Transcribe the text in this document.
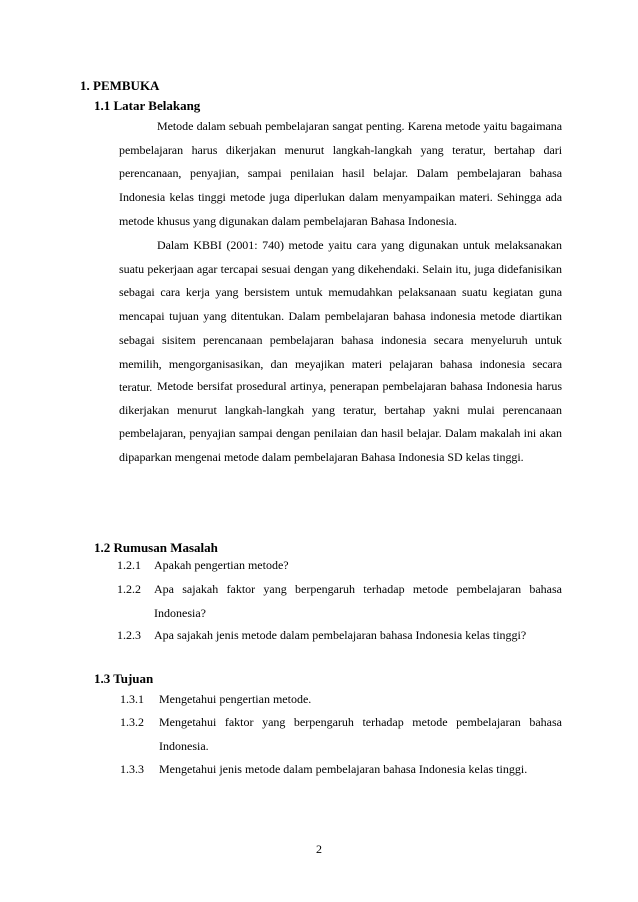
1. PEMBUKA
1.1 Latar Belakang

Metode dalam sebuah pembelajaran sangat penting. Karena metode yaitu bagaimana pembelajaran harus dikerjakan menurut langkah-langkah yang teratur, bertahap dari perencanaan, penyajian, sampai penilaian hasil belajar. Dalam pembelajaran bahasa Indonesia kelas tinggi metode juga diperlukan dalam menyampaikan materi. Sehingga ada metode khusus yang digunakan dalam pembelajaran Bahasa Indonesia.

Dalam KBBI (2001: 740) metode yaitu cara yang digunakan untuk melaksanakan suatu pekerjaan agar tercapai sesuai dengan yang dikehendaki. Selain itu, juga didefanisikan sebagai cara kerja yang bersistem untuk memudahkan pelaksanaan suatu kegiatan guna mencapai tujuan yang ditentukan. Dalam pembelajaran bahasa indonesia metode diartikan sebagai sisitem perencanaan pembelajaran bahasa indonesia secara menyeluruh untuk memilih, mengorganisasikan, dan meyajikan materi pelajaran bahasa indonesia secara teratur. Metode bersifat prosedural artinya, penerapan pembelajaran bahasa Indonesia harus dikerjakan menurut langkah-langkah yang teratur, bertahap yakni mulai perencanaan pembelajaran, penyajian sampai dengan penilaian dan hasil belajar. Dalam makalah ini akan dipaparkan mengenai metode dalam pembelajaran Bahasa Indonesia SD kelas tinggi.

1.2 Rumusan Masalah
1.2.1 Apakah pengertian metode?
1.2.2 Apa sajakah faktor yang berpengaruh terhadap metode pembelajaran bahasa Indonesia?
1.2.3 Apa sajakah jenis metode dalam pembelajaran bahasa Indonesia kelas tinggi?
1.3 Tujuan
1.3.1 Mengetahui pengertian metode.
1.3.2 Mengetahui faktor yang berpengaruh terhadap metode pembelajaran bahasa Indonesia.
1.3.3 Mengetahui jenis metode dalam pembelajaran bahasa Indonesia kelas tinggi.
2
